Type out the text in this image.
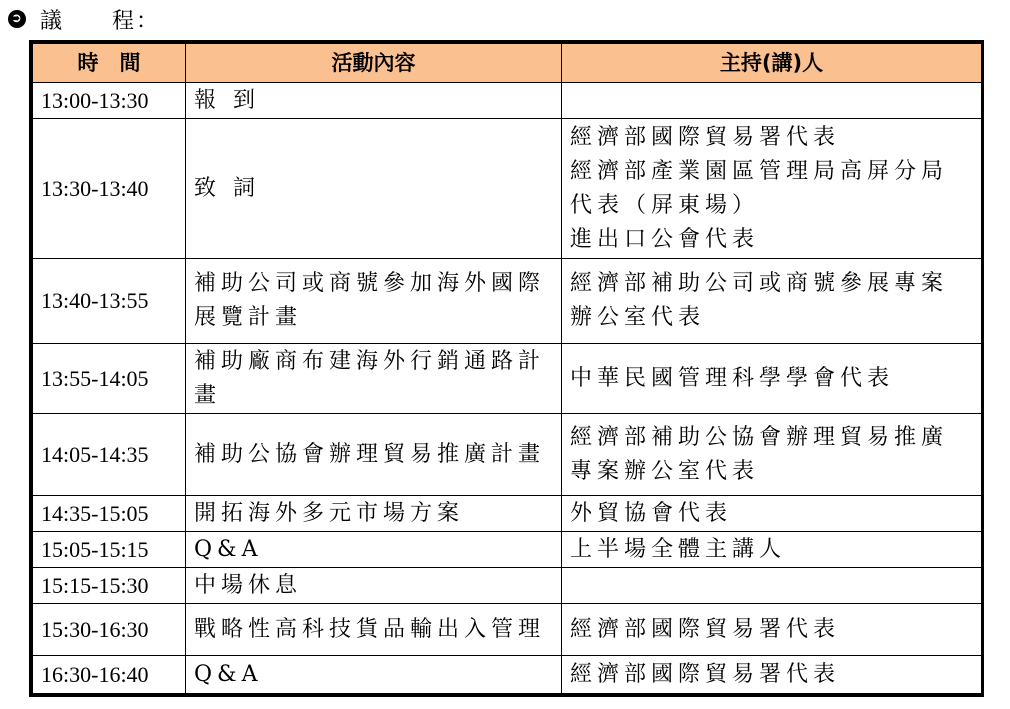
➲ 議　　程：
時　間	活動內容	主持(講)人
13:00-13:30	報 到	

13:30-13:40	致 詞	經濟部國際貿易署代表
經濟部產業園區管理局高屏分局
代表（屏東場）
進出口公會代表

13:40-13:55	補助公司或商號參加海外國際
展覽計畫	經濟部補助公司或商號參展專案
辦公室代表

13:55-14:05	補助廠商布建海外行銷通路計
畫	中華民國管理科學學會代表

14:05-14:35	補助公協會辦理貿易推廣計畫	經濟部補助公協會辦理貿易推廣
專案辦公室代表

14:35-15:05	開拓海外多元市場方案	外貿協會代表

15:05-15:15	Q&A	上半場全體主講人

15:15-15:30	中場休息	

15:30-16:30	戰略性高科技貨品輸出入管理	經濟部國際貿易署代表

16:30-16:40	Q&A	經濟部國際貿易署代表
